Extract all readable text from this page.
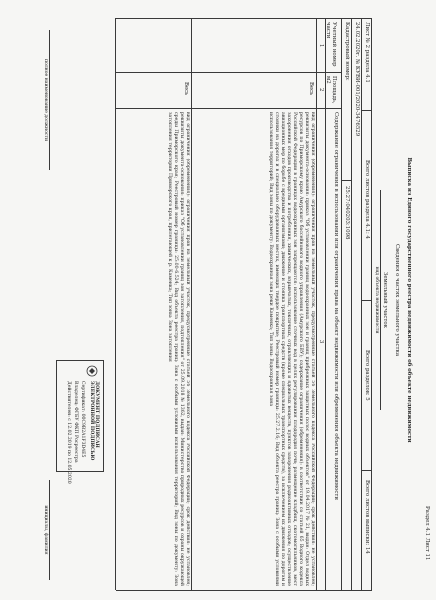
Раздел 4.1 Лист 11
Выписка из Единого государственного реестра недвижимости об объекте недвижимости
Сведения о частях земельного участка
Земельный участок
вид объекта недвижимости
Лист № 2 раздела 4.1
Всего листов раздела 4.1: 4
Всего разделов: 5
Всего листов выписки: 14
24.02.2020г. № КУВИ-001/2020-3476529
Кадастровый номер:
25:27:040203:1098
Учетный номер части
Площадь, м2
Содержание ограничения в использовании или ограничения права на объект недвижимости или обременения объекта недвижимости
1
2
3
Весь
вид ограничения (обременения): ограничения прав на земельный участок, предусмотренные статьей 56 Земельного кодекса Российской Федерации; срок действия: не установлен; реквизиты документа-основания: приказ "Об установлении границ водоохранных зон и границ прибрежных защитных полос водных объектов" от 19.04.2017 № 21, выдан: Отдел водных ресурсов по Приморскому краю Амурского бассейнового водного управления (Амурского БВУ); содержание ограничения (обременения): в соответствии со статьей 65 Водного кодекса Российской Федерации в границах водоохранных зон запрещаются: использование сточных вод в целях регулирования плодородия почв; размещение кладбищ, скотомогильников, мест захоронения отходов производства и потребления, химических, взрывчатых, токсичных, отравляющих и ядовитых веществ, пунктов захоронения радиоактивных отходов; осуществление авиационных мер по борьбе с вредными организмами; движение и стоянка транспортных средств (кроме специальных транспортных средств), за исключением их движения по дорогам и стоянки на дорогах и в специально оборудованных местах, имеющих твердое покрытие; Реестровый номер границы: 25.27.2.16; Вид объекта реестра границ: Зона с особыми условиями использования территорий; Вид зоны по документу: Водоохранная зона реки Каменка; Тип зоны: Водоохранная зона
Весь
вид ограничения (обременения): ограничения прав на земельный участок, предусмотренные статьей 56 Земельного кодекса Российской Федерации; срок действия: не установлен; реквизиты документа-основания: приказ "Об установлении границ зон затопления, подтопления" от 25.09.2018 № 1362, выдан: Министерство природных ресурсов и охраны окружающей среды Приморского края; Реестровый номер границы: 25:00-6.524; Вид объекта реестра границ: Зона с особыми условиями использования территорий; Вид зоны по документу: Зона затопления территории Приморского края, прилегающей к р. Каменка; Тип зоны: Зона затопления
ДОКУМЕНТ ПОДПИСАН ЭЛЕКТРОННОЙ ПОДПИСЬЮ
Сертификат: 00C9B2A1F3D4E5
Владелец: ФГБУ ФКП Росреестра
Действителен: с 12.02.2019 по 12.05.2020
полное наименование должности
инициалы, фамилия
